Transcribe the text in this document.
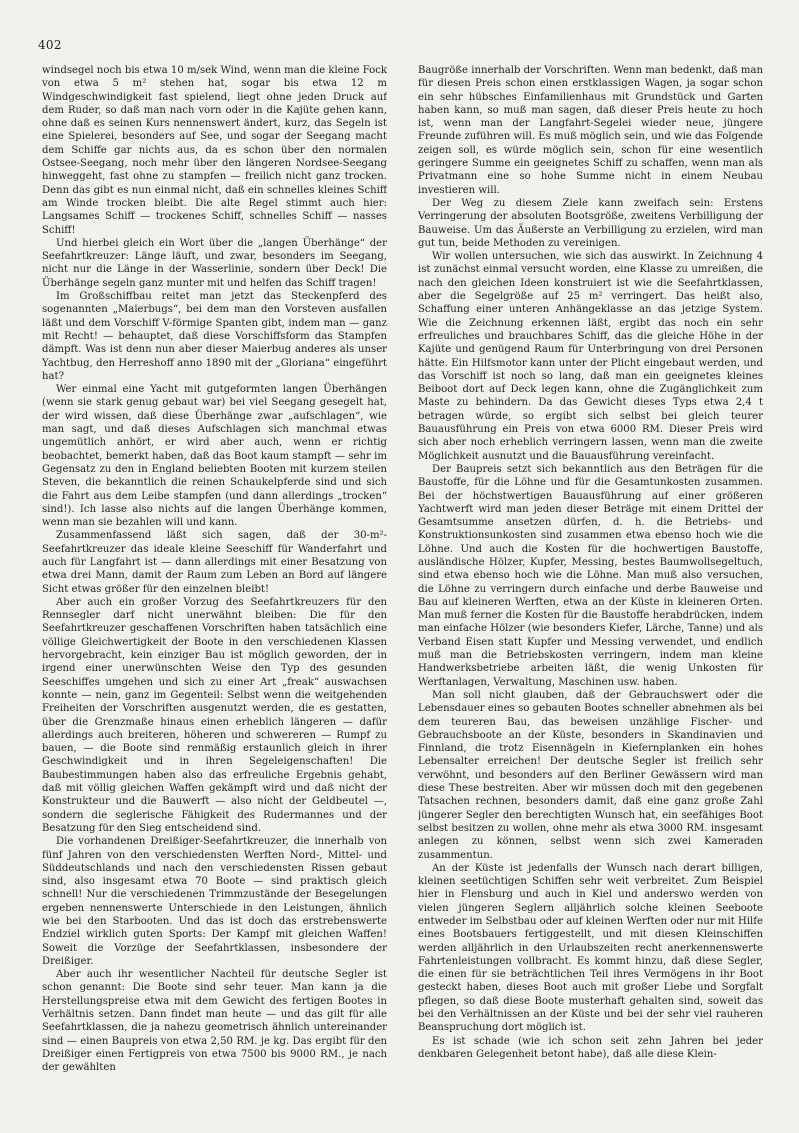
402

windsegel noch bis etwa 10 m/sek Wind, wenn man die kleine Fock von etwa 5 m² stehen hat, sogar bis etwa 12 m Windgeschwindigkeit fast spielend, liegt ohne jeden Druck auf dem Ruder, so daß man nach vorn oder in die Kajüte gehen kann, ohne daß es seinen Kurs nennenswert ändert, kurz, das Segeln ist eine Spielerei, besonders auf See, und sogar der Seegang macht dem Schiffe gar nichts aus, da es schon über den normalen Ostsee-Seegang, noch mehr über den längeren Nordsee-Seegang hinweggeht, fast ohne zu stampfen — freilich nicht ganz trocken. Denn das gibt es nun einmal nicht, daß ein schnelles kleines Schiff am Winde trocken bleibt. Die alte Regel stimmt auch hier: Langsames Schiff — trockenes Schiff, schnelles Schiff — nasses Schiff!

Und hierbei gleich ein Wort über die „langen Überhänge“ der Seefahrtkreuzer: Länge läuft, und zwar, besonders im Seegang, nicht nur die Länge in der Wasserlinie, sondern über Deck! Die Überhänge segeln ganz munter mit und helfen das Schiff tragen!

Im Großschiffbau reitet man jetzt das Steckenpferd des sogenannten „Maierbugs“, bei dem man den Vorsteven ausfallen läßt und dem Vorschiff V-förmige Spanten gibt, indem man — ganz mit Recht! — behauptet, daß diese Vorschiffsform das Stampfen dämpft. Was ist denn nun aber dieser Maierbug anderes als unser Yachtbug, den Herreshoff anno 1890 mit der „Gloriana“ eingeführt hat?

Wer einmal eine Yacht mit gutgeformten langen Überhängen (wenn sie stark genug gebaut war) bei viel Seegang gesegelt hat, der wird wissen, daß diese Überhänge zwar „aufschlagen“, wie man sagt, und daß dieses Aufschlagen sich manchmal etwas ungemütlich anhört, er wird aber auch, wenn er richtig beobachtet, bemerkt haben, daß das Boot kaum stampft — sehr im Gegensatz zu den in England beliebten Booten mit kurzem steilen Steven, die bekanntlich die reinen Schaukelpferde sind und sich die Fahrt aus dem Leibe stampfen (und dann allerdings „trocken“ sind!). Ich lasse also nichts auf die langen Überhänge kommen, wenn man sie bezahlen will und kann.

Zusammenfassend läßt sich sagen, daß der 30-m²-Seefahrtkreuzer das ideale kleine Seeschiff für Wanderfahrt und auch für Langfahrt ist — dann allerdings mit einer Besatzung von etwa drei Mann, damit der Raum zum Leben an Bord auf längere Sicht etwas größer für den einzelnen bleibt!

Aber auch ein großer Vorzug des Seefahrtkreuzers für den Rennsegler darf nicht unerwähnt bleiben: Die für den Seefahrtkreuzer geschaffenen Vorschriften haben tatsächlich eine völlige Gleichwertigkeit der Boote in den verschiedenen Klassen hervorgebracht, kein einziger Bau ist möglich geworden, der in irgend einer unerwünschten Weise den Typ des gesunden Seeschiffes umgehen und sich zu einer Art „freak“ auswachsen konnte — nein, ganz im Gegenteil: Selbst wenn die weitgehenden Freiheiten der Vorschriften ausgenutzt werden, die es gestatten, über die Grenzmaße hinaus einen erheblich längeren — dafür allerdings auch breiteren, höheren und schwereren — Rumpf zu bauen, — die Boote sind renmäßig erstaunlich gleich in ihrer Geschwindigkeit und in ihren Segeleigenschaften! Die Baubestimmungen haben also das erfreuliche Ergebnis gehabt, daß mit völlig gleichen Waffen gekämpft wird und daß nicht der Konstrukteur und die Bauwerft — also nicht der Geldbeutel —, sondern die seglerische Fähigkeit des Rudermannes und der Besatzung für den Sieg entscheidend sind.

Die vorhandenen Dreißiger-Seefahrtkreuzer, die innerhalb von fünf Jahren von den verschiedensten Werften Nord-, Mittel- und Süddeutschlands und nach den verschiedensten Rissen gebaut sind, also insgesamt etwa 70 Boote — sind praktisch gleich schnell! Nur die verschiedenen Trimmzustände der Besegelungen ergeben nennenswerte Unterschiede in den Leistungen, ähnlich wie bei den Starbooten. Und das ist doch das erstrebenswerte Endziel wirklich guten Sports: Der Kampf mit gleichen Waffen! Soweit die Vorzüge der Seefahrtklassen, insbesondere der Dreißiger.

Aber auch ihr wesentlicher Nachteil für deutsche Segler ist schon genannt: Die Boote sind sehr teuer. Man kann ja die Herstellungspreise etwa mit dem Gewicht des fertigen Bootes in Verhältnis setzen. Dann findet man heute — und das gilt für alle Seefahrtklassen, die ja nahezu geometrisch ähnlich untereinander sind — einen Baupreis von etwa 2,50 RM. je kg. Das ergibt für den Dreißiger einen Fertigpreis von etwa 7500 bis 9000 RM., je nach der gewählten

Baugröße innerhalb der Vorschriften. Wenn man bedenkt, daß man für diesen Preis schon einen erstklassigen Wagen, ja sogar schon ein sehr hübsches Einfamilienhaus mit Grundstück und Garten haben kann, so muß man sagen, daß dieser Preis heute zu hoch ist, wenn man der Langfahrt-Segelei wieder neue, jüngere Freunde zuführen will. Es muß möglich sein, und wie das Folgende zeigen soll, es würde möglich sein, schon für eine wesentlich geringere Summe ein geeignetes Schiff zu schaffen, wenn man als Privatmann eine so hohe Summe nicht in einem Neubau investieren will.

Der Weg zu diesem Ziele kann zweifach sein: Erstens Verringerung der absoluten Bootsgröße, zweitens Verbilligung der Bauweise. Um das Äußerste an Verbilligung zu erzielen, wird man gut tun, beide Methoden zu vereinigen.

Wir wollen untersuchen, wie sich das auswirkt. In Zeichnung 4 ist zunächst einmal versucht worden, eine Klasse zu umreißen, die nach den gleichen Ideen konstruiert ist wie die Seefahrtklassen, aber die Segelgröße auf 25 m² verringert. Das heißt also, Schaffung einer unteren Anhängeklasse an das jetzige System. Wie die Zeichnung erkennen läßt, ergibt das noch ein sehr erfreuliches und brauchbares Schiff, das die gleiche Höhe in der Kajüte und genügend Raum für Unterbringung von drei Personen hätte. Ein Hilfsmotor kann unter der Plicht eingebaut werden, und das Vorschiff ist noch so lang, daß man ein geeignetes kleines Beiboot dort auf Deck legen kann, ohne die Zugänglichkeit zum Maste zu behindern. Da das Gewicht dieses Typs etwa 2,4 t betragen würde, so ergibt sich selbst bei gleich teurer Bauausführung ein Preis von etwa 6000 RM. Dieser Preis wird sich aber noch erheblich verringern lassen, wenn man die zweite Möglichkeit ausnutzt und die Bauausführung vereinfacht.

Der Baupreis setzt sich bekanntlich aus den Beträgen für die Baustoffe, für die Löhne und für die Gesamtunkosten zusammen. Bei der höchstwertigen Bauausführung auf einer größeren Yachtwerft wird man jeden dieser Beträge mit einem Drittel der Gesamtsumme ansetzen dürfen, d. h. die Betriebs- und Konstruktionsunkosten sind zusammen etwa ebenso hoch wie die Löhne. Und auch die Kosten für die hochwertigen Baustoffe, ausländische Hölzer, Kupfer, Messing, bestes Baumwollsegeltuch, sind etwa ebenso hoch wie die Löhne. Man muß also versuchen, die Löhne zu verringern durch einfache und derbe Bauweise und Bau auf kleineren Werften, etwa an der Küste in kleineren Orten. Man muß ferner die Kosten für die Baustoffe herabdrücken, indem man einfache Hölzer (wie besonders Kiefer, Lärche, Tanne) und als Verband Eisen statt Kupfer und Messing verwendet, und endlich muß man die Betriebskosten verringern, indem man kleine Handwerksbetriebe arbeiten läßt, die wenig Unkosten für Werftanlagen, Verwaltung, Maschinen usw. haben.

Man soll nicht glauben, daß der Gebrauchswert oder die Lebensdauer eines so gebauten Bootes schneller abnehmen als bei dem teureren Bau, das beweisen unzählige Fischer- und Gebrauchsboote an der Küste, besonders in Skandinavien und Finnland, die trotz Eisennägeln in Kiefernplanken ein hohes Lebensalter erreichen! Der deutsche Segler ist freilich sehr verwöhnt, und besonders auf den Berliner Gewässern wird man diese These bestreiten. Aber wir müssen doch mit den gegebenen Tatsachen rechnen, besonders damit, daß eine ganz große Zahl jüngerer Segler den berechtigten Wunsch hat, ein seefähiges Boot selbst besitzen zu wollen, ohne mehr als etwa 3000 RM. insgesamt anlegen zu können, selbst wenn sich zwei Kameraden zusammentun.

An der Küste ist jedenfalls der Wunsch nach derart billigen, kleinen seetüchtigen Schiffen sehr weit verbreitet. Zum Beispiel hier in Flensburg und auch in Kiel und anderswo werden von vielen jüngeren Seglern alljährlich solche kleinen Seeboote entweder im Selbstbau oder auf kleinen Werften oder nur mit Hilfe eines Bootsbauers fertiggestellt, und mit diesen Kleinschiffen werden alljährlich in den Urlaubszeiten recht anerkennenswerte Fahrtenleistungen vollbracht. Es kommt hinzu, daß diese Segler, die einen für sie beträchtlichen Teil ihres Vermögens in ihr Boot gesteckt haben, dieses Boot auch mit großer Liebe und Sorgfalt pflegen, so daß diese Boote musterhaft gehalten sind, soweit das bei den Verhältnissen an der Küste und bei der sehr viel rauheren Beanspruchung dort möglich ist.

Es ist schade (wie ich schon seit zehn Jahren bei jeder denkbaren Gelegenheit betont habe), daß alle diese Klein-
